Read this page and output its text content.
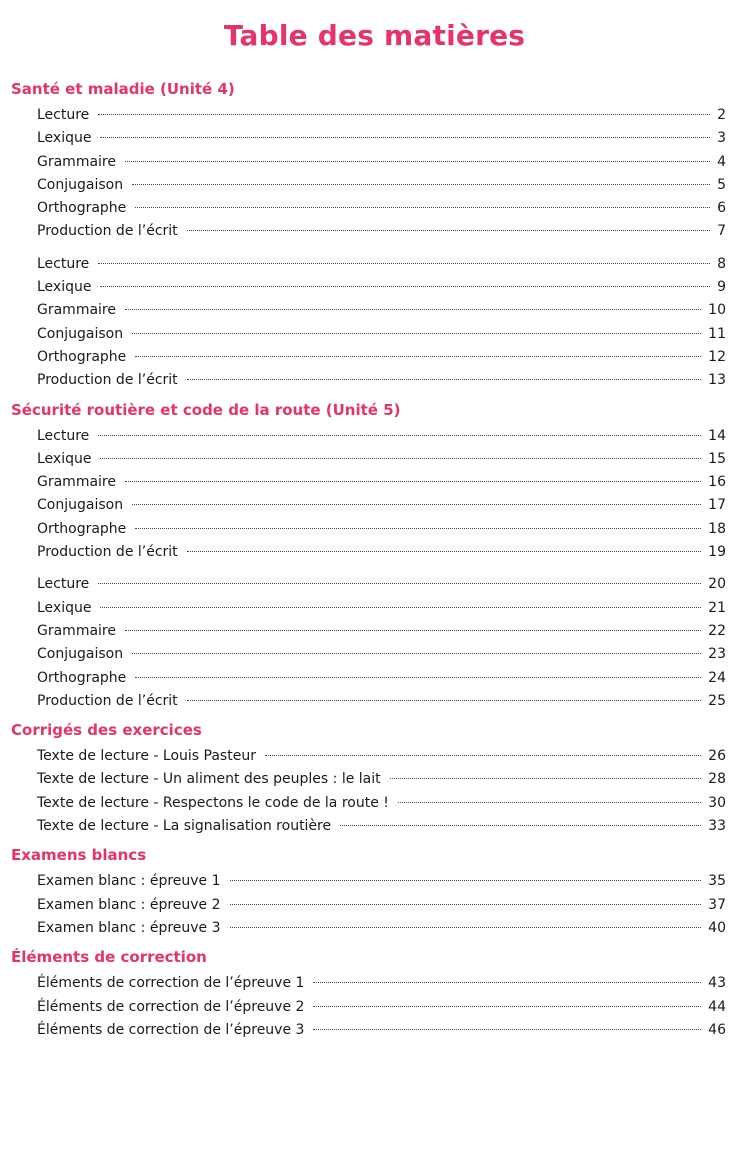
Table des matières
Santé et maladie (Unité 4)
Lecture	2
Lexique	3
Grammaire	4
Conjugaison	5
Orthographe	6
Production de l’écrit	7
Lecture	8
Lexique	9
Grammaire	10
Conjugaison	11
Orthographe	12
Production de l’écrit	13
Sécurité routière et code de la route (Unité 5)
Lecture	14
Lexique	15
Grammaire	16
Conjugaison	17
Orthographe	18
Production de l’écrit	19
Lecture	20
Lexique	21
Grammaire	22
Conjugaison	23
Orthographe	24
Production de l’écrit	25
Corrigés des exercices
Texte de lecture - Louis Pasteur	26
Texte de lecture - Un aliment des peuples : le lait	28
Texte de lecture - Respectons le code de la route !	30
Texte de lecture - La signalisation routière	33
Examens blancs
Examen blanc : épreuve 1	35
Examen blanc : épreuve 2	37
Examen blanc : épreuve 3	40
Éléments de correction
Éléments de correction de l’épreuve 1	43
Éléments de correction de l’épreuve 2	44
Éléments de correction de l’épreuve 3	46
